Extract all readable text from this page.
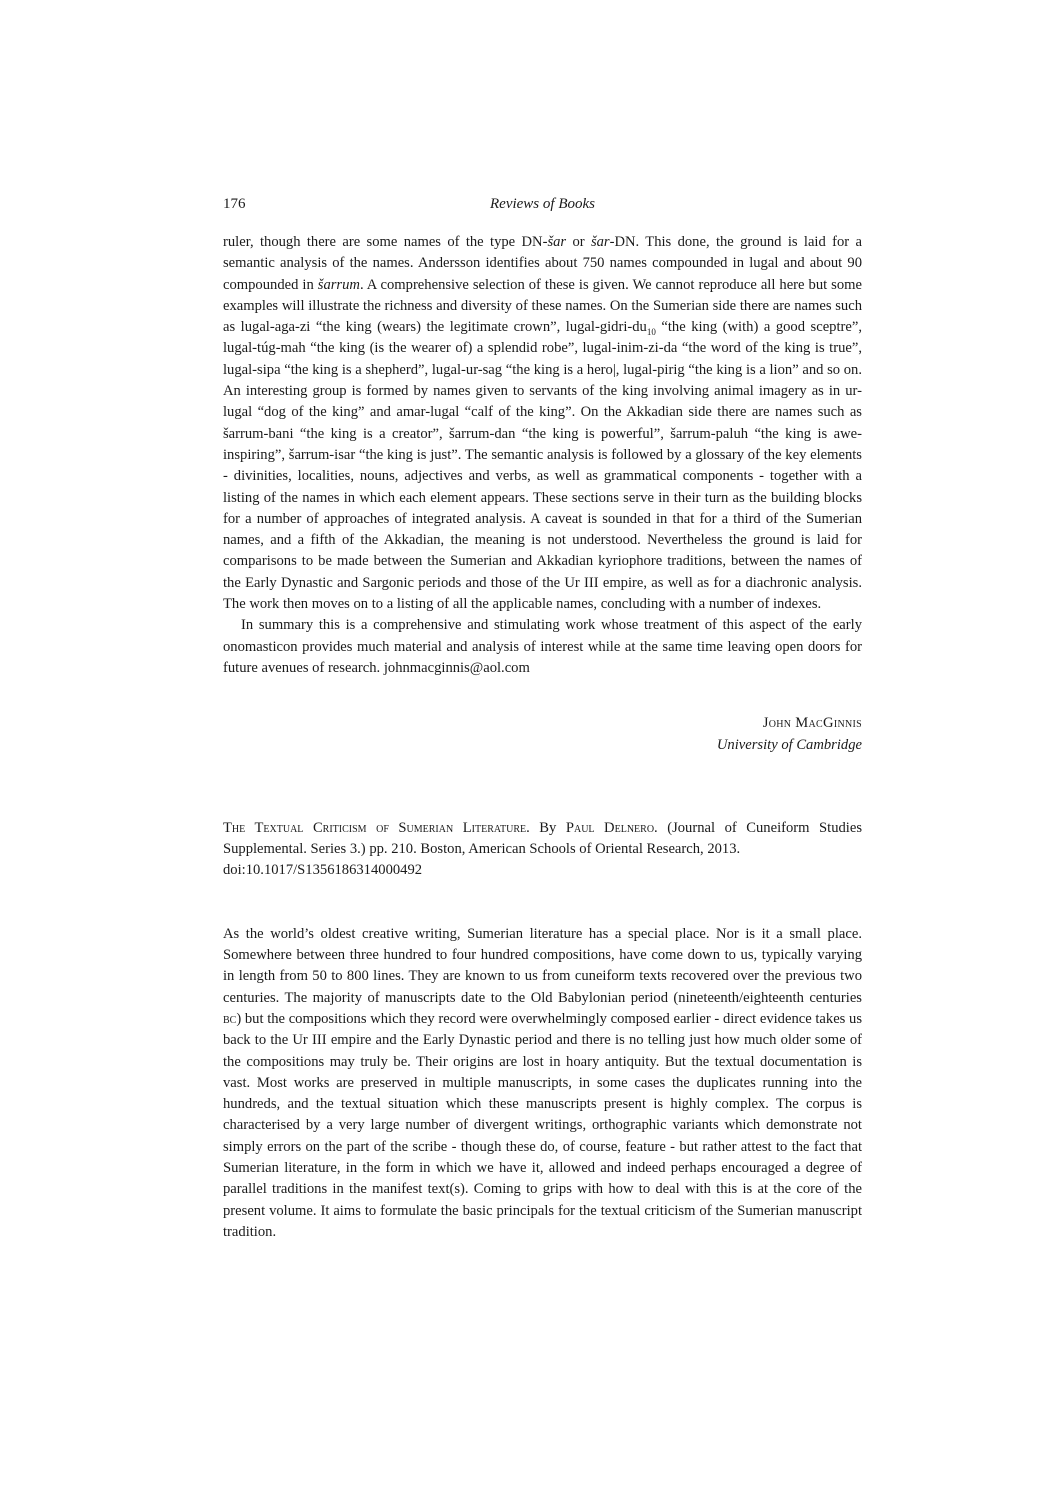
176	Reviews of Books

ruler, though there are some names of the type DN-šar or šar-DN. This done, the ground is laid for a semantic analysis of the names. Andersson identifies about 750 names compounded in lugal and about 90 compounded in šarrum. A comprehensive selection of these is given. We cannot reproduce all here but some examples will illustrate the richness and diversity of these names. On the Sumerian side there are names such as lugal-aga-zi “the king (wears) the legitimate crown”, lugal-$gidri-du_{10}$ “the king (with) a good sceptre”, lugal-túg-mah “the king (is the wearer of) a splendid robe”, lugal-inim-zi-da “the word of the king is true”, lugal-sipa “the king is a shepherd”, lugal-ur-sag “the king is a hero|, lugal-pirig “the king is a lion” and so on. An interesting group is formed by names given to servants of the king involving animal imagery as in ur-lugal “dog of the king” and amar-lugal “calf of the king”. On the Akkadian side there are names such as šarrum-bani “the king is a creator”, šarrum-dan “the king is powerful”, šarrum-paluh “the king is awe-inspiring”, šarrum-isar “the king is just”. The semantic analysis is followed by a glossary of the key elements - divinities, localities, nouns, adjectives and verbs, as well as grammatical components - together with a listing of the names in which each element appears. These sections serve in their turn as the building blocks for a number of approaches of integrated analysis. A caveat is sounded in that for a third of the Sumerian names, and a fifth of the Akkadian, the meaning is not understood. Nevertheless the ground is laid for comparisons to be made between the Sumerian and Akkadian kyriophore traditions, between the names of the Early Dynastic and Sargonic periods and those of the Ur III empire, as well as for a diachronic analysis. The work then moves on to a listing of all the applicable names, concluding with a number of indexes.

In summary this is a comprehensive and stimulating work whose treatment of this aspect of the early onomasticon provides much material and analysis of interest while at the same time leaving open doors for future avenues of research. johnmacginnis@aol.com

John MacGinnis
University of Cambridge

The Textual Criticism of Sumerian Literature. By Paul Delnero. (Journal of Cuneiform Studies Supplemental. Series 3.) pp. 210. Boston, American Schools of Oriental Research, 2013.
doi:10.1017/S1356186314000492

As the world’s oldest creative writing, Sumerian literature has a special place. Nor is it a small place. Somewhere between three hundred to four hundred compositions, have come down to us, typically varying in length from 50 to 800 lines. They are known to us from cuneiform texts recovered over the previous two centuries. The majority of manuscripts date to the Old Babylonian period (nineteenth/eighteenth centuries bc) but the compositions which they record were overwhelmingly composed earlier - direct evidence takes us back to the Ur III empire and the Early Dynastic period and there is no telling just how much older some of the compositions may truly be. Their origins are lost in hoary antiquity. But the textual documentation is vast. Most works are preserved in multiple manuscripts, in some cases the duplicates running into the hundreds, and the textual situation which these manuscripts present is highly complex. The corpus is characterised by a very large number of divergent writings, orthographic variants which demonstrate not simply errors on the part of the scribe - though these do, of course, feature - but rather attest to the fact that Sumerian literature, in the form in which we have it, allowed and indeed perhaps encouraged a degree of parallel traditions in the manifest text(s). Coming to grips with how to deal with this is at the core of the present volume. It aims to formulate the basic principals for the textual criticism of the Sumerian manuscript tradition.
